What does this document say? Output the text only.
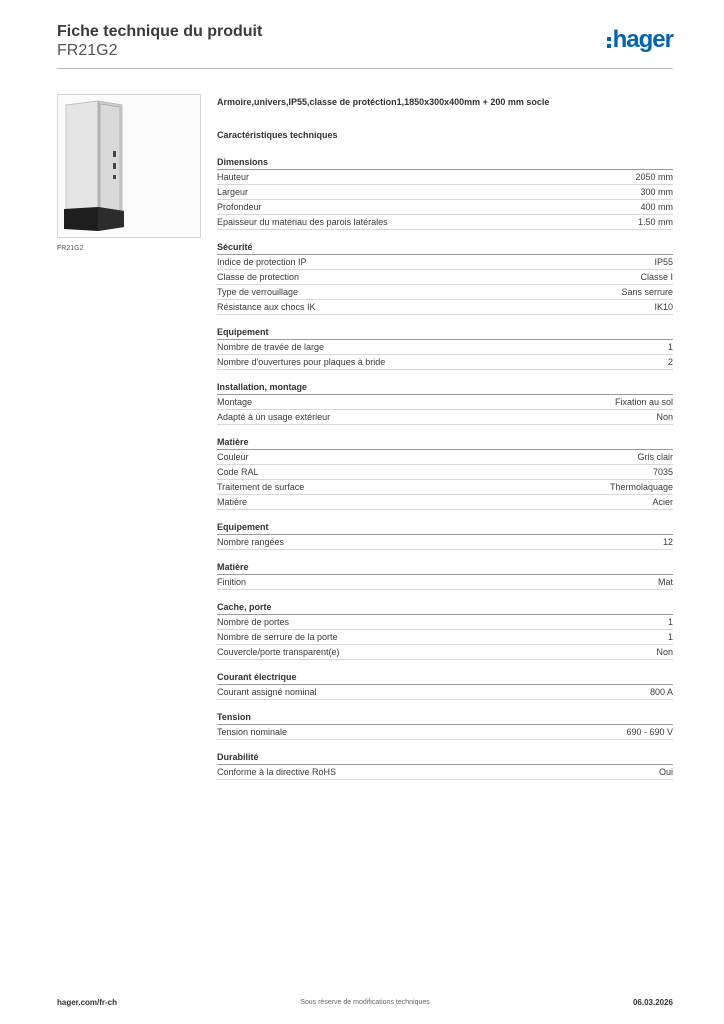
Fiche technique du produit
FR21G2	hager
FR21G2
Armoire,univers,IP55,classe de protéction1,1850x300x400mm + 200 mm socle
Caractéristiques techniques
Dimensions
Hauteur	2050 mm
Largeur	300 mm
Profondeur	400 mm
Epaisseur du matériau des parois latérales	1.50 mm
Sécurité
Indice de protection IP	IP55
Classe de protection	Classe I
Type de verrouillage	Sans serrure
Résistance aux chocs IK	IK10
Equipement
Nombre de travée de large	1
Nombre d'ouvertures pour plaques à bride	2
Installation, montage
Montage	Fixation au sol
Adapté à un usage extérieur	Non
Matière
Couleur	Gris clair
Code RAL	7035
Traitement de surface	Thermolaquage
Matière	Acier
Equipement
Nombre rangées	12
Matière
Finition	Mat
Cache, porte
Nombre de portes	1
Nombre de serrure de la porte	1
Couvercle/porte transparent(e)	Non
Courant électrique
Courant assigné nominal	800 A
Tension
Tension nominale	690 - 690 V
Durabilité
Conforme à la directive RoHS	Oui
hager.com/fr-ch	Sous réserve de modifications techniques	06.03.2026
